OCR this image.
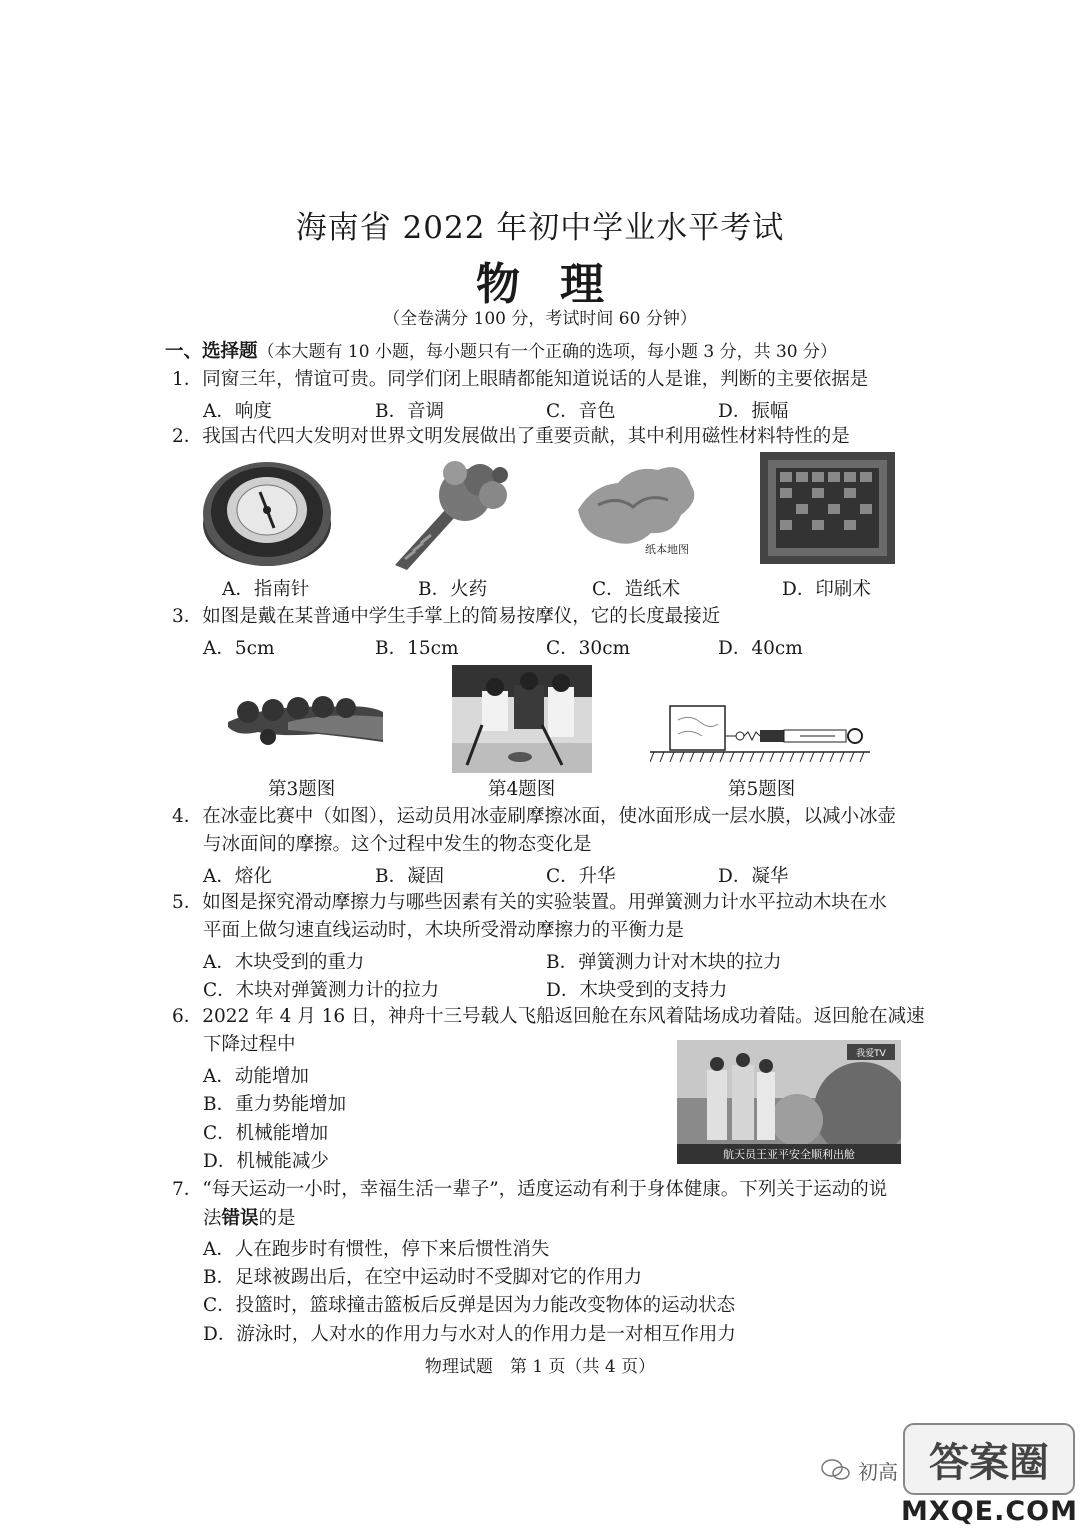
海南省 2022 年初中学业水平考试
物理
（全卷满分 100 分，考试时间 60 分钟）
一、选择题（本大题有 10 小题，每小题只有一个正确的选项，每小题 3 分，共 30 分）
1．同窗三年，情谊可贵。同学们闭上眼睛都能知道说话的人是谁，判断的主要依据是
A．响度	B．音调	C．音色	D．振幅
2．我国古代四大发明对世界文明发展做出了重要贡献，其中利用磁性材料特性的是
纸本地图
A．指南针	B．火药	C．造纸术	D．印刷术
3．如图是戴在某普通中学生手掌上的简易按摩仪，它的长度最接近
A．5cm	B．15cm	C．30cm	D．40cm
第3题图	第4题图	第5题图
4．在冰壶比赛中（如图），运动员用冰壶刷摩擦冰面，使冰面形成一层水膜，以减小冰壶
与冰面间的摩擦。这个过程中发生的物态变化是
A．熔化	B．凝固	C．升华	D．凝华
5．如图是探究滑动摩擦力与哪些因素有关的实验装置。用弹簧测力计水平拉动木块在水
平面上做匀速直线运动时，木块所受滑动摩擦力的平衡力是
A．木块受到的重力	B．弹簧测力计对木块的拉力
C．木块对弹簧测力计的拉力	D．木块受到的支持力
6．2022 年 4 月 16 日，神舟十三号载人飞船返回舱在东风着陆场成功着陆。返回舱在减速
下降过程中
A．动能增加
B．重力势能增加
C．机械能增加
D．机械能减少
我爱TV
航天员王亚平安全顺利出舱
7．“每天运动一小时，幸福生活一辈子”，适度运动有利于身体健康。下列关于运动的说
法错误的是
A．人在跑步时有惯性，停下来后惯性消失
B．足球被踢出后，在空中运动时不受脚对它的作用力
C．投篮时，篮球撞击篮板后反弹是因为力能改变物体的运动状态
D．游泳时，人对水的作用力与水对人的作用力是一对相互作用力
物理试题　第 1 页（共 4 页）
初高 答案圈
MXQE.COM
